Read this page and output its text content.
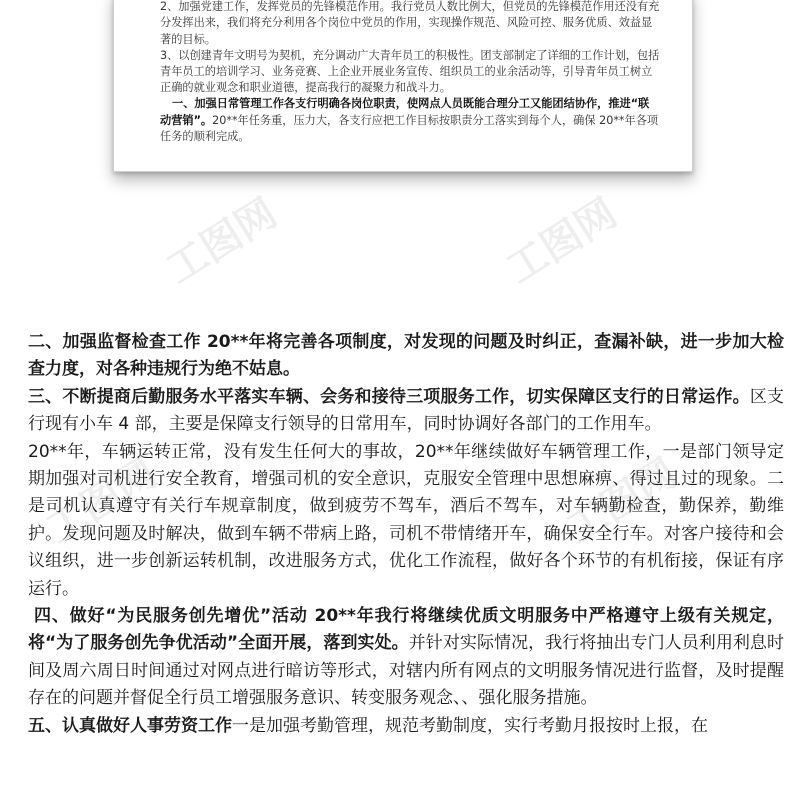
2、加强党建工作，发挥党员的先锋模范作用。我行党员人数比例大，但党员的先锋模范作用还没有充分发挥出来，我们将充分利用各个岗位中党员的作用，实现操作规范、风险可控、服务优质、效益显著的目标。

3、以创建青年文明号为契机，充分调动广大青年员工的积极性。团支部制定了详细的工作计划，包括青年员工的培训学习、业务竞赛、上企业开展业务宣传、组织员工的业余活动等，引导青年员工树立正确的就业观念和职业道德，提高我行的凝聚力和战斗力。

一、加强日常管理工作各支行明确各岗位职责，使网点人员既能合理分工又能团结协作，推进“联动营销”。20**年任务重，压力大，各支行应把工作目标按职责分工落实到每个人，确保 20**年各项任务的顺利完成。

工图网	工图网
工图网	工图网

二、加强监督检查工作 20**年将完善各项制度，对发现的问题及时纠正，查漏补缺，进一步加大检查力度，对各种违规行为绝不姑息。

三、不断提商后勤服务水平落实车辆、会务和接待三项服务工作，切实保障区支行的日常运作。区支行现有小车 4 部，主要是保障支行领导的日常用车，同时协调好各部门的工作用车。

20**年，车辆运转正常，没有发生任何大的事故，20**年继续做好车辆管理工作，一是部门领导定期加强对司机进行安全教育，增强司机的安全意识，克服安全管理中思想麻痹、得过且过的现象。二是司机认真遵守有关行车规章制度，做到疲劳不驾车，酒后不驾车，对车辆勤检查，勤保养，勤维护。发现问题及时解决，做到车辆不带病上路，司机不带情绪开车，确保安全行车。对客户接待和会议组织，进一步创新运转机制，改进服务方式，优化工作流程，做好各个环节的有机衔接，保证有序运行。

四、做好“为民服务创先增优”活动 20**年我行将继续优质文明服务中严格遵守上级有关规定，将“为了服务创先争优活动”全面开展，落到实处。并针对实际情况，我行将抽出专门人员利用利息时间及周六周日时间通过对网点进行暗访等形式，对辖内所有网点的文明服务情况进行监督，及时提醒存在的问题并督促全行员工增强服务意识、转变服务观念、、强化服务措施。

五、认真做好人事劳资工作一是加强考勤管理，规范考勤制度，实行考勤月报按时上报，在
